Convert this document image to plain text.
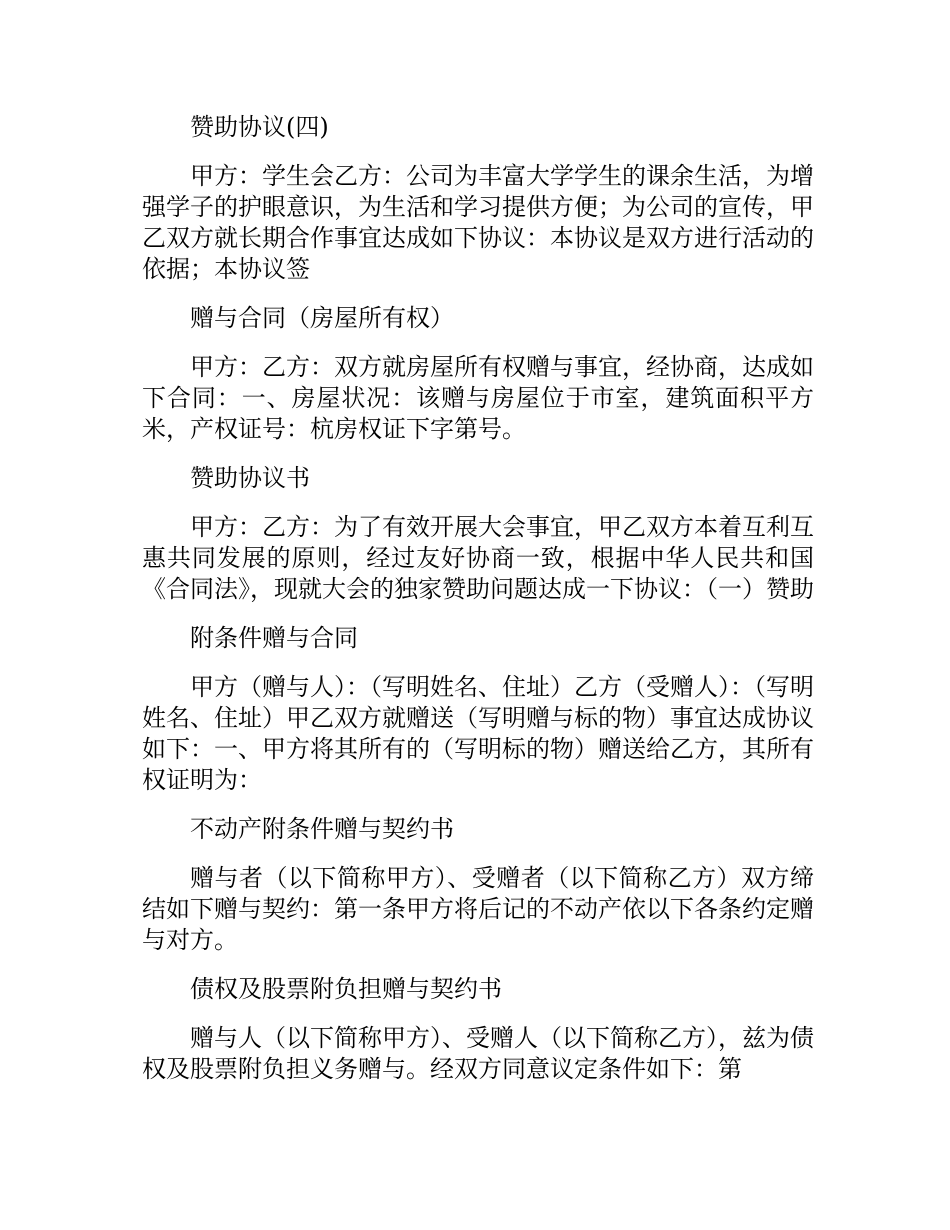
赞助协议(四)

甲方：学生会乙方：公司为丰富大学学生的课余生活，为增强学子的护眼意识，为生活和学习提供方便；为公司的宣传，甲乙双方就长期合作事宜达成如下协议：本协议是双方进行活动的依据；本协议签

赠与合同（房屋所有权）

甲方：乙方：双方就房屋所有权赠与事宜，经协商，达成如下合同：一、房屋状况：该赠与房屋位于市室，建筑面积平方米，产权证号：杭房权证下字第号。

赞助协议书

甲方：乙方：为了有效开展大会事宜，甲乙双方本着互利互惠共同发展的原则，经过友好协商一致，根据中华人民共和国《合同法》，现就大会的独家赞助问题达成一下协议：（一）赞助

附条件赠与合同

甲方（赠与人）：（写明姓名、住址）乙方（受赠人）：（写明姓名、住址）甲乙双方就赠送（写明赠与标的物）事宜达成协议如下：一、甲方将其所有的（写明标的物）赠送给乙方，其所有权证明为：

不动产附条件赠与契约书

赠与者（以下简称甲方）、受赠者（以下简称乙方）双方缔结如下赠与契约：第一条甲方将后记的不动产依以下各条约定赠与对方。

债权及股票附负担赠与契约书

赠与人（以下简称甲方）、受赠人（以下简称乙方），兹为债权及股票附负担义务赠与。经双方同意议定条件如下：第
